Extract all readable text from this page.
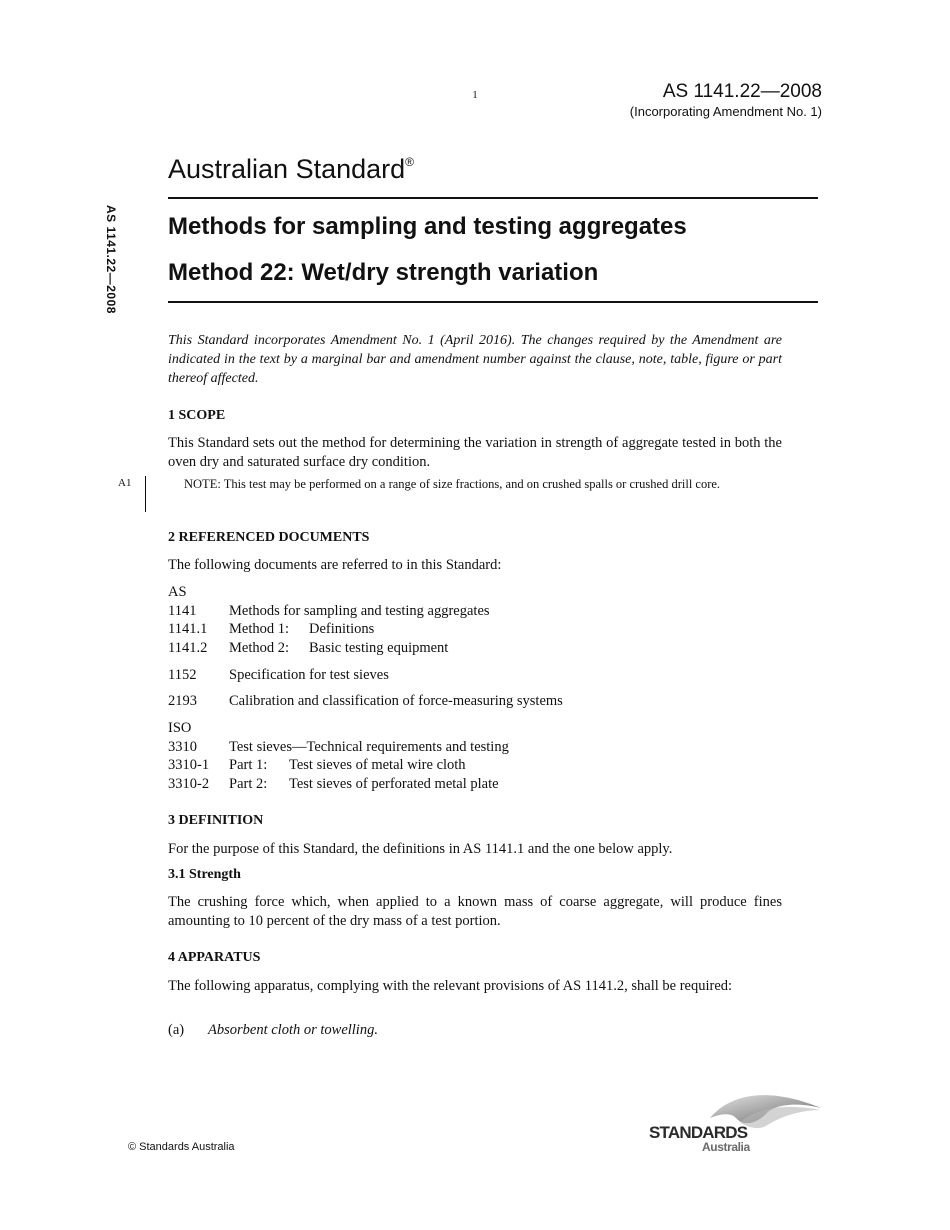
1	AS 1141.22—2008
(Incorporating Amendment No. 1)
Australian Standard®
Methods for sampling and testing aggregates
Method 22: Wet/dry strength variation
AS 1141.22—2008
This Standard incorporates Amendment No. 1 (April 2016). The changes required by the Amendment are indicated in the text by a marginal bar and amendment number against the clause, note, table, figure or part thereof affected.
1 SCOPE
This Standard sets out the method for determining the variation in strength of aggregate tested in both the oven dry and saturated surface dry condition.
A1	NOTE: This test may be performed on a range of size fractions, and on crushed spalls or crushed drill core.
2 REFERENCED DOCUMENTS
The following documents are referred to in this Standard:
AS
1141 Methods for sampling and testing aggregates
1141.1 Method 1: Definitions
1141.2 Method 2: Basic testing equipment
1152 Specification for test sieves
2193 Calibration and classification of force-measuring systems
ISO
3310 Test sieves—Technical requirements and testing
3310-1 Part 1: Test sieves of metal wire cloth
3310-2 Part 2: Test sieves of perforated metal plate
3 DEFINITION
For the purpose of this Standard, the definitions in AS 1141.1 and the one below apply.
3.1 Strength
The crushing force which, when applied to a known mass of coarse aggregate, will produce fines amounting to 10 percent of the dry mass of a test portion.
4 APPARATUS
The following apparatus, complying with the relevant provisions of AS 1141.2, shall be required:
(a) Absorbent cloth or towelling.
© Standards Australia
STANDARDS
Australia
